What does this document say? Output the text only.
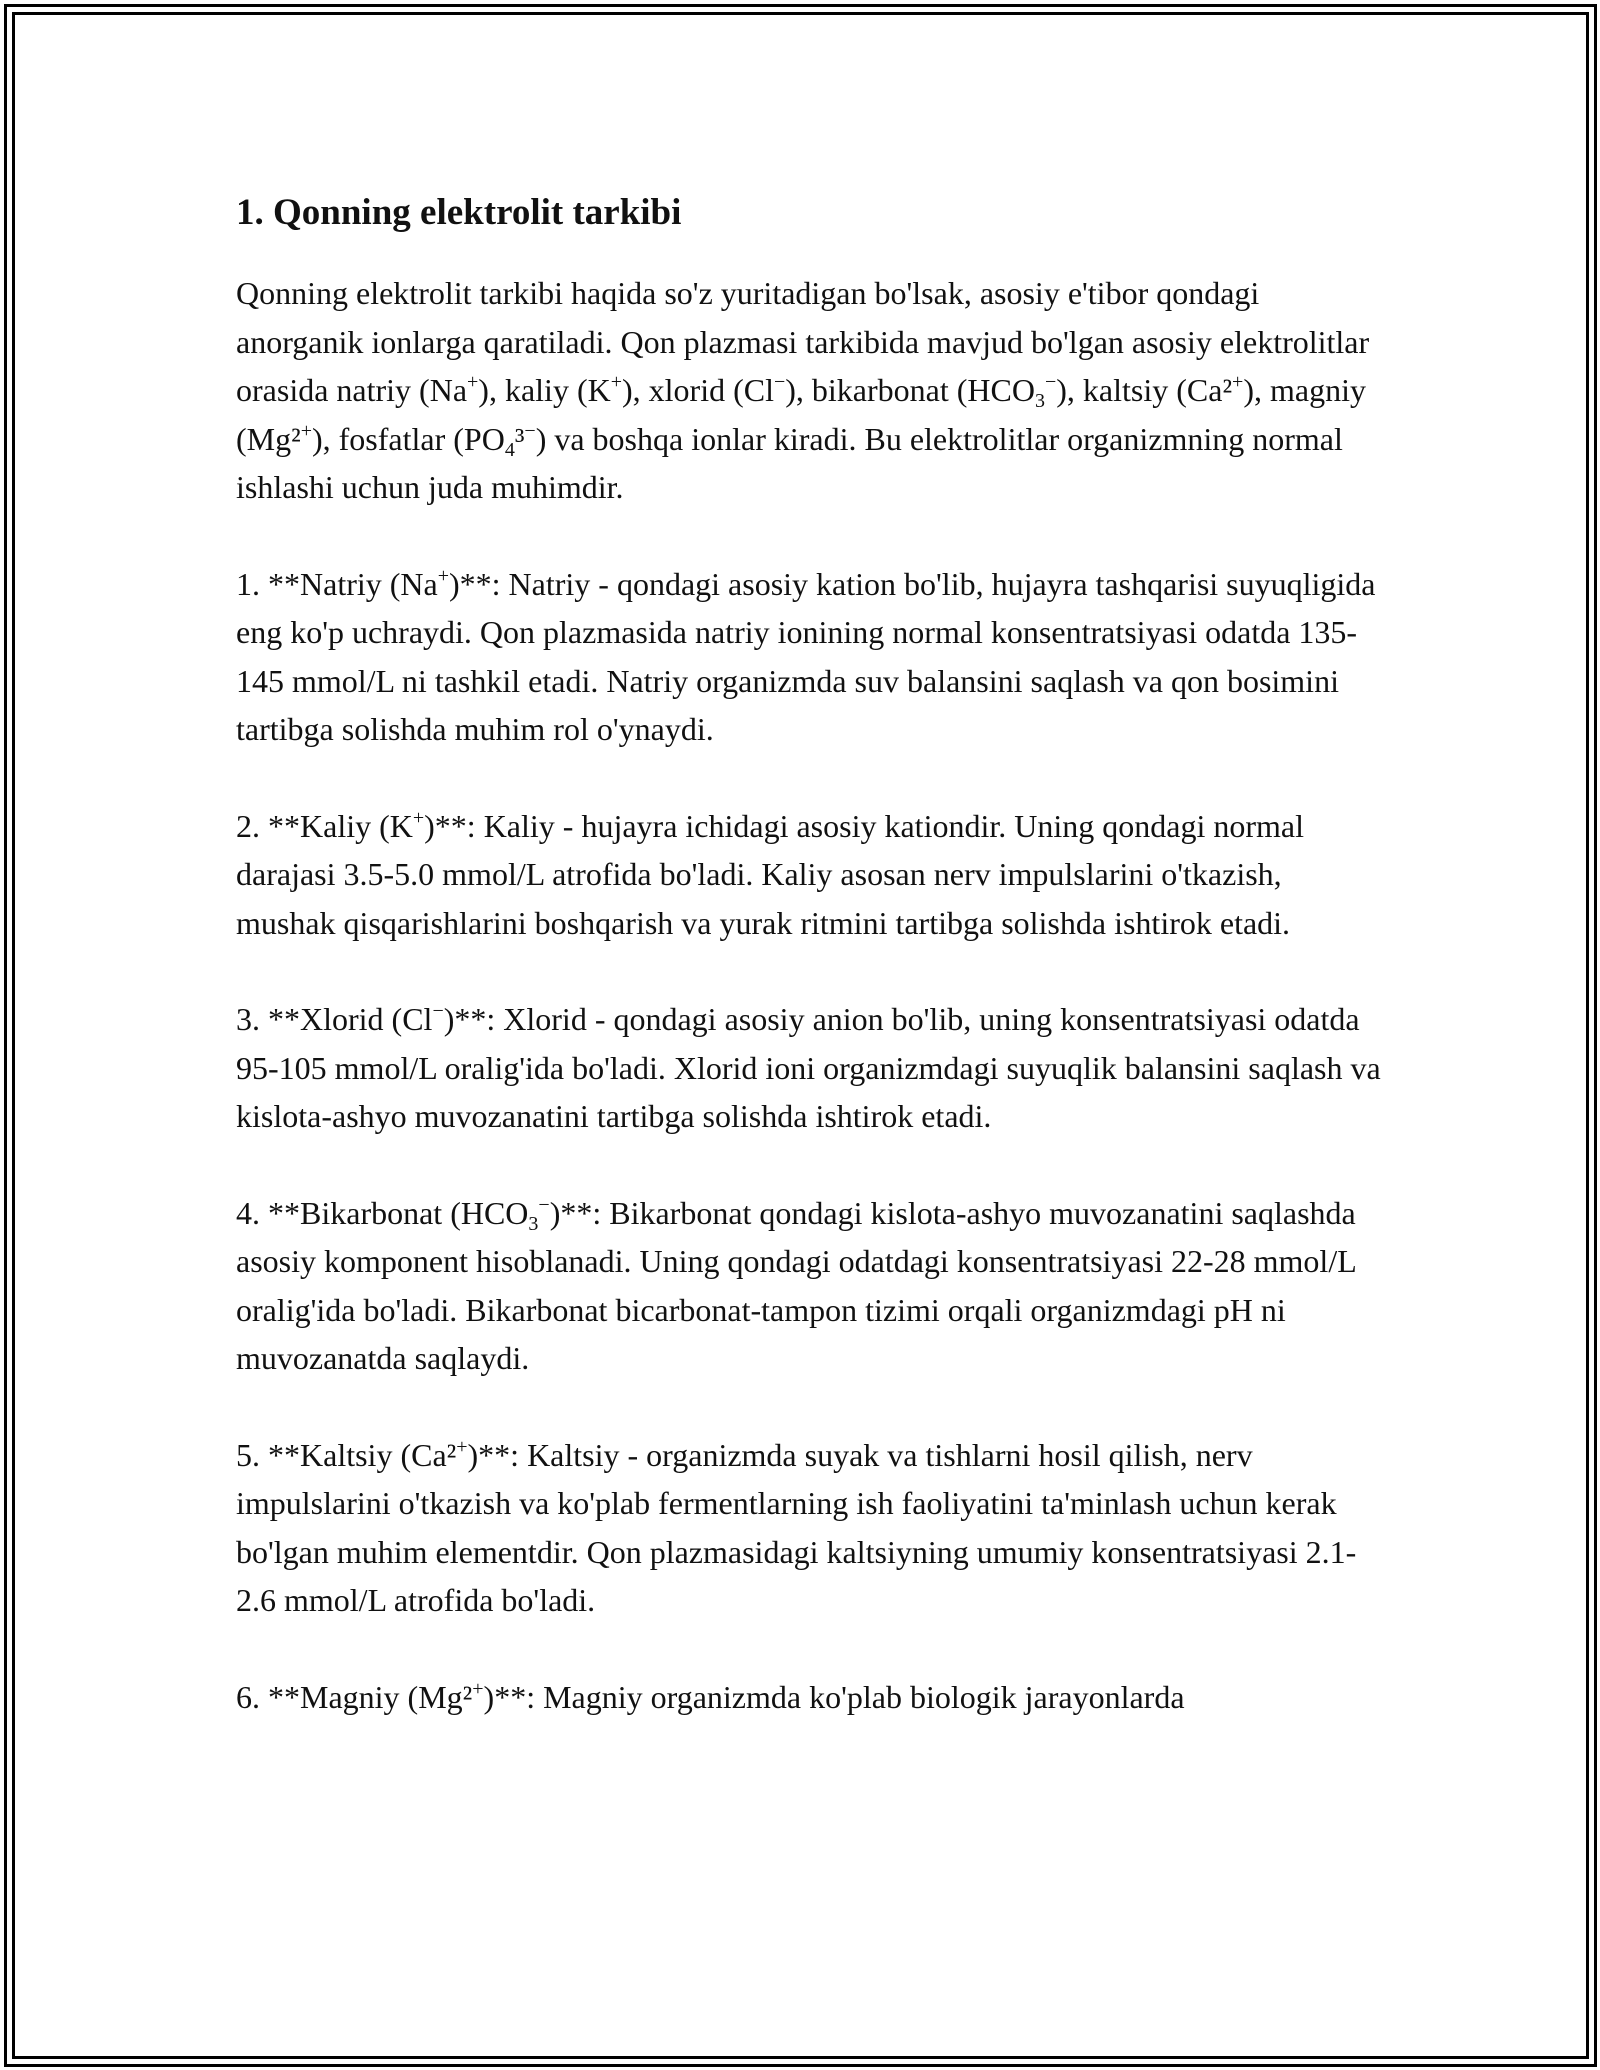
1. Qonning elektrolit tarkibi

Qonning elektrolit tarkibi haqida so'z yuritadigan bo'lsak, asosiy e'tibor qondagi anorganik ionlarga qaratiladi. Qon plazmasi tarkibida mavjud bo'lgan asosiy elektrolitlar orasida natriy (Na+), kaliy (K+), xlorid (Cl−), bikarbonat $(HCO_3^-)$, kaltsiy (Ca²+), magniy (Mg²+), fosfatlar $(PO_4^3^-)$ va boshqa ionlar kiradi. Bu elektrolitlar organizmning normal ishlashi uchun juda muhimdir.

1. **Natriy (Na+)**: Natriy - qondagi asosiy kation bo'lib, hujayra tashqarisi suyuqligida eng ko'p uchraydi. Qon plazmasida natriy ionining normal konsentratsiyasi odatda 135-145 mmol/L ni tashkil etadi. Natriy organizmda suv balansini saqlash va qon bosimini tartibga solishda muhim rol o'ynaydi.

2. **Kaliy (K+)**: Kaliy - hujayra ichidagi asosiy kationdir. Uning qondagi normal darajasi 3.5-5.0 mmol/L atrofida bo'ladi. Kaliy asosan nerv impulslarini o'tkazish, mushak qisqarishlarini boshqarish va yurak ritmini tartibga solishda ishtirok etadi.

3. **Xlorid (Cl−)**: Xlorid - qondagi asosiy anion bo'lib, uning konsentratsiyasi odatda 95-105 mmol/L oralig'ida bo'ladi. Xlorid ioni organizmdagi suyuqlik balansini saqlash va kislota-ashyo muvozanatini tartibga solishda ishtirok etadi.

4. **Bikarbonat $(HCO_3^-)**$: Bikarbonat qondagi kislota-ashyo muvozanatini saqlashda asosiy komponent hisoblanadi. Uning qondagi odatdagi konsentratsiyasi 22-28 mmol/L oralig'ida bo'ladi. Bikarbonat bicarbonat-tampon tizimi orqali organizmdagi pH ni muvozanatda saqlaydi.

5. **Kaltsiy (Ca²+)**: Kaltsiy - organizmda suyak va tishlarni hosil qilish, nerv impulslarini o'tkazish va ko'plab fermentlarning ish faoliyatini ta'minlash uchun kerak bo'lgan muhim elementdir. Qon plazmasidagi kaltsiyning umumiy konsentratsiyasi 2.1-2.6 mmol/L atrofida bo'ladi.

6. **Magniy (Mg²+)**: Magniy organizmda ko'plab biologik jarayonlarda
